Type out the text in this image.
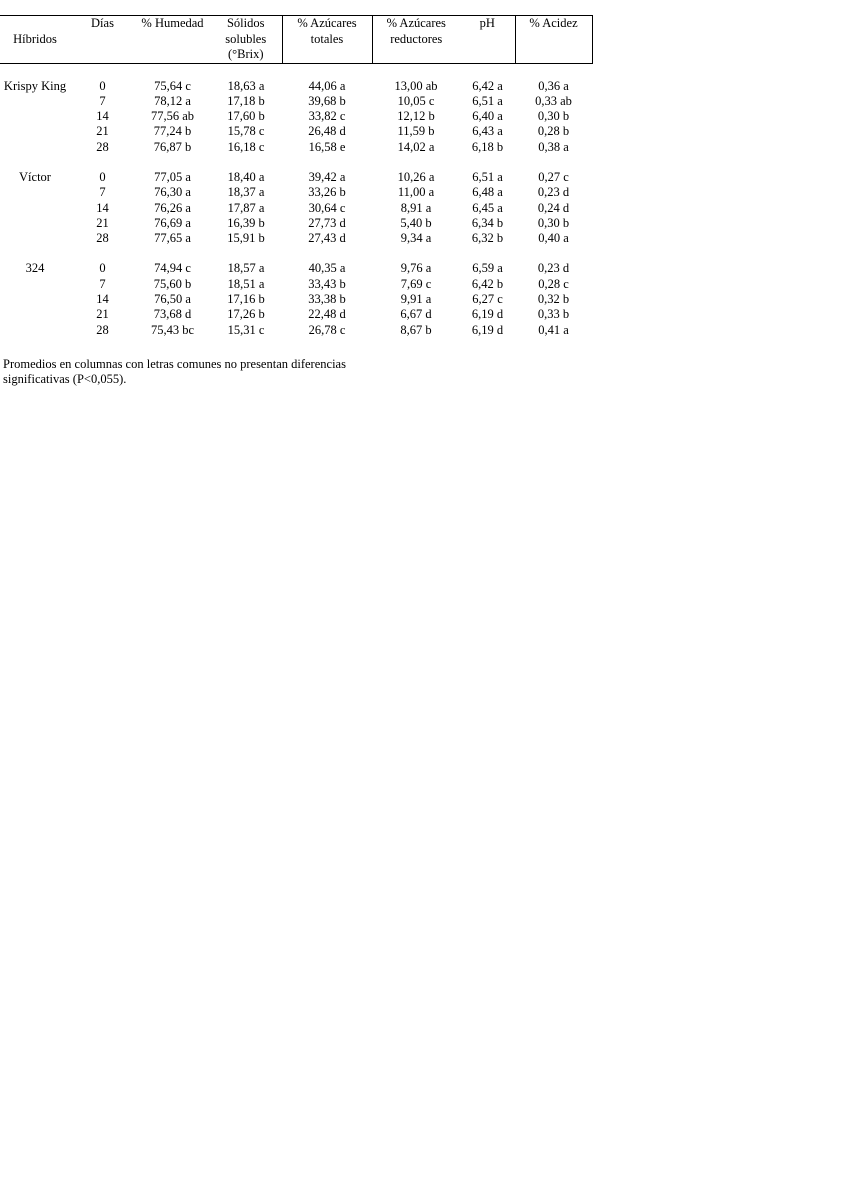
Híbridos	Días	% Humedad	Sólidos solubles (°Brix)	% Azúcares totales	% Azúcares reductores	pH	% Acidez

Krispy King	0	75,64 c	18,63 a	44,06 a	13,00 ab	6,42 a	0,36 a
	7	78,12 a	17,18 b	39,68 b	10,05 c	6,51 a	0,33 ab
	14	77,56 ab	17,60 b	33,82 c	12,12 b	6,40 a	0,30 b
	21	77,24 b	15,78 c	26,48 d	11,59 b	6,43 a	0,28 b
	28	76,87 b	16,18 c	16,58 e	14,02 a	6,18 b	0,38 a

Víctor	0	77,05 a	18,40 a	39,42 a	10,26 a	6,51 a	0,27 c
	7	76,30 a	18,37 a	33,26 b	11,00 a	6,48 a	0,23 d
	14	76,26 a	17,87 a	30,64 c	8,91 a	6,45 a	0,24 d
	21	76,69 a	16,39 b	27,73 d	5,40 b	6,34 b	0,30 b
	28	77,65 a	15,91 b	27,43 d	9,34 a	6,32 b	0,40 a

324	0	74,94 c	18,57 a	40,35 a	9,76 a	6,59 a	0,23 d
	7	75,60 b	18,51 a	33,43 b	7,69 c	6,42 b	0,28 c
	14	76,50 a	17,16 b	33,38 b	9,91 a	6,27 c	0,32 b
	21	73,68 d	17,26 b	22,48 d	6,67 d	6,19 d	0,33 b
	28	75,43 bc	15,31 c	26,78 c	8,67 b	6,19 d	0,41 a
Promedios en columnas con letras comunes no presentan diferencias significativas (P<0,055).
